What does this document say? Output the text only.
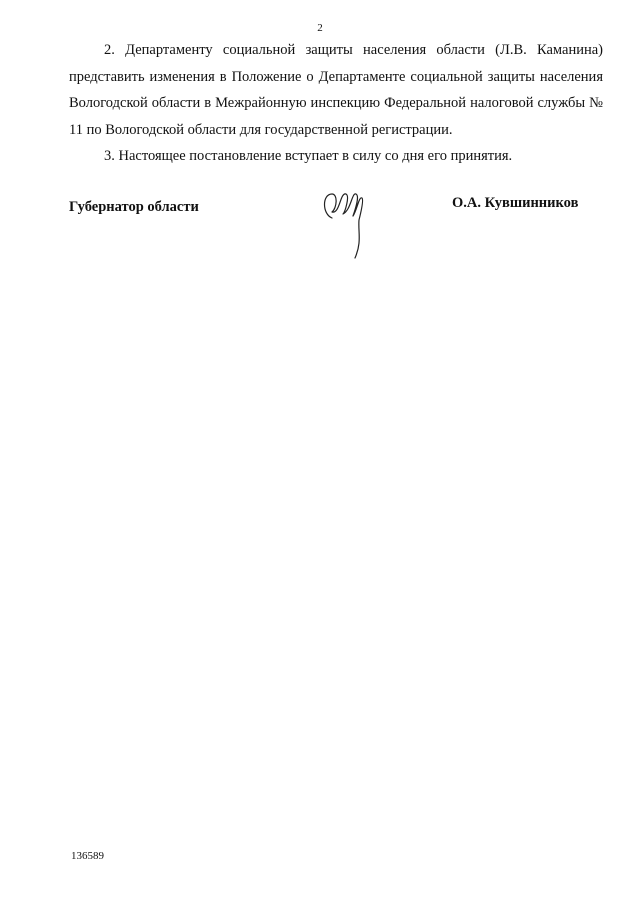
2

2. Департаменту социальной защиты населения области (Л.В. Каманина) представить изменения в Положение о Департаменте социальной защиты населения Вологодской области в Межрайонную инспекцию Федеральной налоговой службы № 11 по Вологодской области для государственной регистрации.

3. Настоящее постановление вступает в силу со дня его принятия.

Губернатор области	О.А. Кувшинников
136589
